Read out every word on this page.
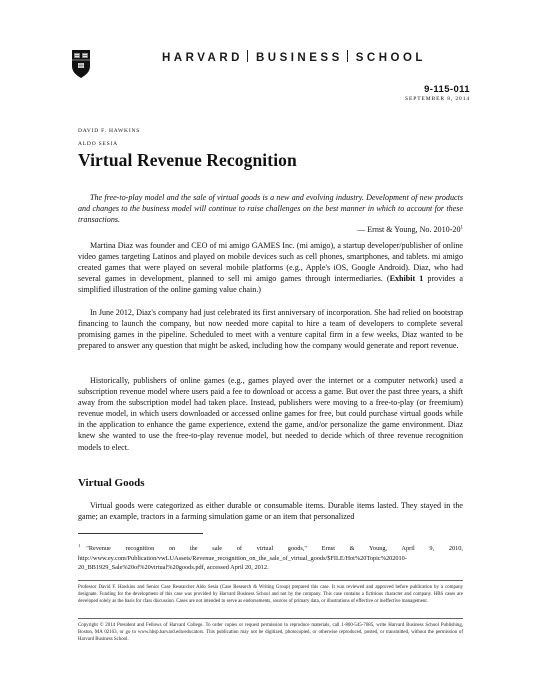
HARVARD BUSINESS SCHOOL
9-115-011
SEPTEMBER 8, 2014
DAVID F. HAWKINS
ALDO SESIA
Virtual Revenue Recognition

The free-to-play model and the sale of virtual goods is a new and evolving industry. Development of new products and changes to the business model will continue to raise challenges on the best manner in which to account for these transactions.

— Ernst & Young, No. $2010-20^1$

Martina Diaz was founder and CEO of mi amigo GAMES Inc. (mi amigo), a startup developer/publisher of online video games targeting Latinos and played on mobile devices such as cell phones, smartphones, and tablets. mi amigo created games that were played on several mobile platforms (e.g., Apple's iOS, Google Android). Diaz, who had several games in development, planned to sell mi amigo games through intermediaries. (Exhibit 1 provides a simplified illustration of the online gaming value chain.)

In June 2012, Diaz's company had just celebrated its first anniversary of incorporation. She had relied on bootstrap financing to launch the company, but now needed more capital to hire a team of developers to complete several promising games in the pipeline. Scheduled to meet with a venture capital firm in a few weeks, Diaz wanted to be prepared to answer any question that might be asked, including how the company would generate and report revenue.

Historically, publishers of online games (e.g., games played over the internet or a computer network) used a subscription revenue model where users paid a fee to download or access a game. But over the past three years, a shift away from the subscription model had taken place. Instead, publishers were moving to a free-to-play (or freemium) revenue model, in which users downloaded or accessed online games for free, but could purchase virtual goods while in the application to enhance the game experience, extend the game, and/or personalize the game environment. Diaz knew she wanted to use the free-to-play revenue model, but needed to decide which of three revenue recognition models to elect.

Virtual Goods

Virtual goods were categorized as either durable or consumable items. Durable items lasted. They stayed in the game; an example, tractors in a farming simulation game or an item that personalized

$^1$ "Revenue recognition on the sale of virtual goods," Ernst & Young, April 9, 2010, http://www.ey.com/Publication/vwLUAssets/Revenue_recognition_on_the_sale_of_virtual_goods/$FILE/Hot%20Topic%202010-20_BB1929_Sale%20of%20virtual%20goods.pdf, accessed April 20, 2012.

Professor David F. Hawkins and Senior Case Researcher Aldo Sesia (Case Research & Writing Group) prepared this case. It was reviewed and approved before publication by a company designate. Funding for the development of this case was provided by Harvard Business School and not by the company. This case contains a fictitious character and company. HBS cases are developed solely as the basis for class discussion. Cases are not intended to serve as endorsements, sources of primary data, or illustrations of effective or ineffective management.

Copyright © 2014 President and Fellows of Harvard College. To order copies or request permission to reproduce materials, call 1-800-545-7685, write Harvard Business School Publishing, Boston, MA 02163, or go to www.hbsp.harvard.edu/educators. This publication may not be digitized, photocopied, or otherwise reproduced, posted, or transmitted, without the permission of Harvard Business School.
